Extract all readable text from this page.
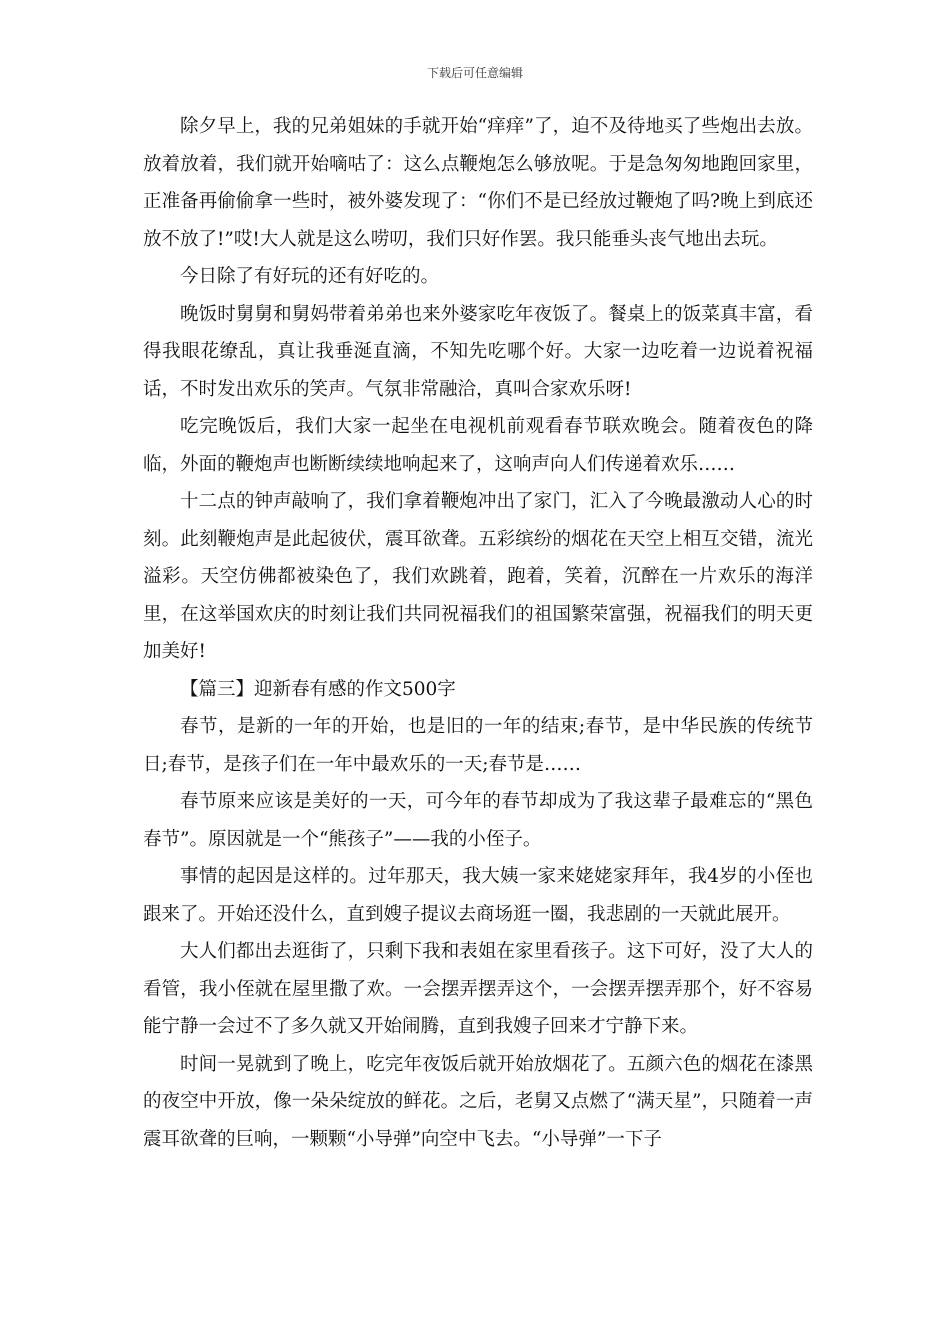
下载后可任意编辑

除夕早上，我的兄弟姐妹的手就开始“痒痒”了，迫不及待地买了些炮出去放。放着放着，我们就开始嘀咕了：这么点鞭炮怎么够放呢。于是急匆匆地跑回家里，正准备再偷偷拿一些时，被外婆发现了：“你们不是已经放过鞭炮了吗?晚上到底还放不放了!”哎!大人就是这么唠叨，我们只好作罢。我只能垂头丧气地出去玩。

今日除了有好玩的还有好吃的。

晚饭时舅舅和舅妈带着弟弟也来外婆家吃年夜饭了。餐桌上的饭菜真丰富，看得我眼花缭乱，真让我垂涎直滴，不知先吃哪个好。大家一边吃着一边说着祝福话，不时发出欢乐的笑声。气氛非常融洽，真叫合家欢乐呀!

吃完晚饭后，我们大家一起坐在电视机前观看春节联欢晚会。随着夜色的降临，外面的鞭炮声也断断续续地响起来了，这响声向人们传递着欢乐……

十二点的钟声敲响了，我们拿着鞭炮冲出了家门，汇入了今晚最激动人心的时刻。此刻鞭炮声是此起彼伏，震耳欲聋。五彩缤纷的烟花在天空上相互交错，流光溢彩。天空仿佛都被染色了，我们欢跳着，跑着，笑着，沉醉在一片欢乐的海洋里，在这举国欢庆的时刻让我们共同祝福我们的祖国繁荣富强，祝福我们的明天更加美好!

【篇三】迎新春有感的作文500字

春节，是新的一年的开始，也是旧的一年的结束;春节，是中华民族的传统节日;春节，是孩子们在一年中最欢乐的一天;春节是……

春节原来应该是美好的一天，可今年的春节却成为了我这辈子最难忘的“黑色春节”。原因就是一个“熊孩子”——我的小侄子。

事情的起因是这样的。过年那天，我大姨一家来姥姥家拜年，我4岁的小侄也跟来了。开始还没什么，直到嫂子提议去商场逛一圈，我悲剧的一天就此展开。

大人们都出去逛街了，只剩下我和表姐在家里看孩子。这下可好，没了大人的看管，我小侄就在屋里撒了欢。一会摆弄摆弄这个，一会摆弄摆弄那个，好不容易能宁静一会过不了多久就又开始闹腾，直到我嫂子回来才宁静下来。

时间一晃就到了晚上，吃完年夜饭后就开始放烟花了。五颜六色的烟花在漆黑的夜空中开放，像一朵朵绽放的鲜花。之后，老舅又点燃了“满天星”，只随着一声震耳欲聋的巨响，一颗颗“小导弹”向空中飞去。“小导弹”一下子
